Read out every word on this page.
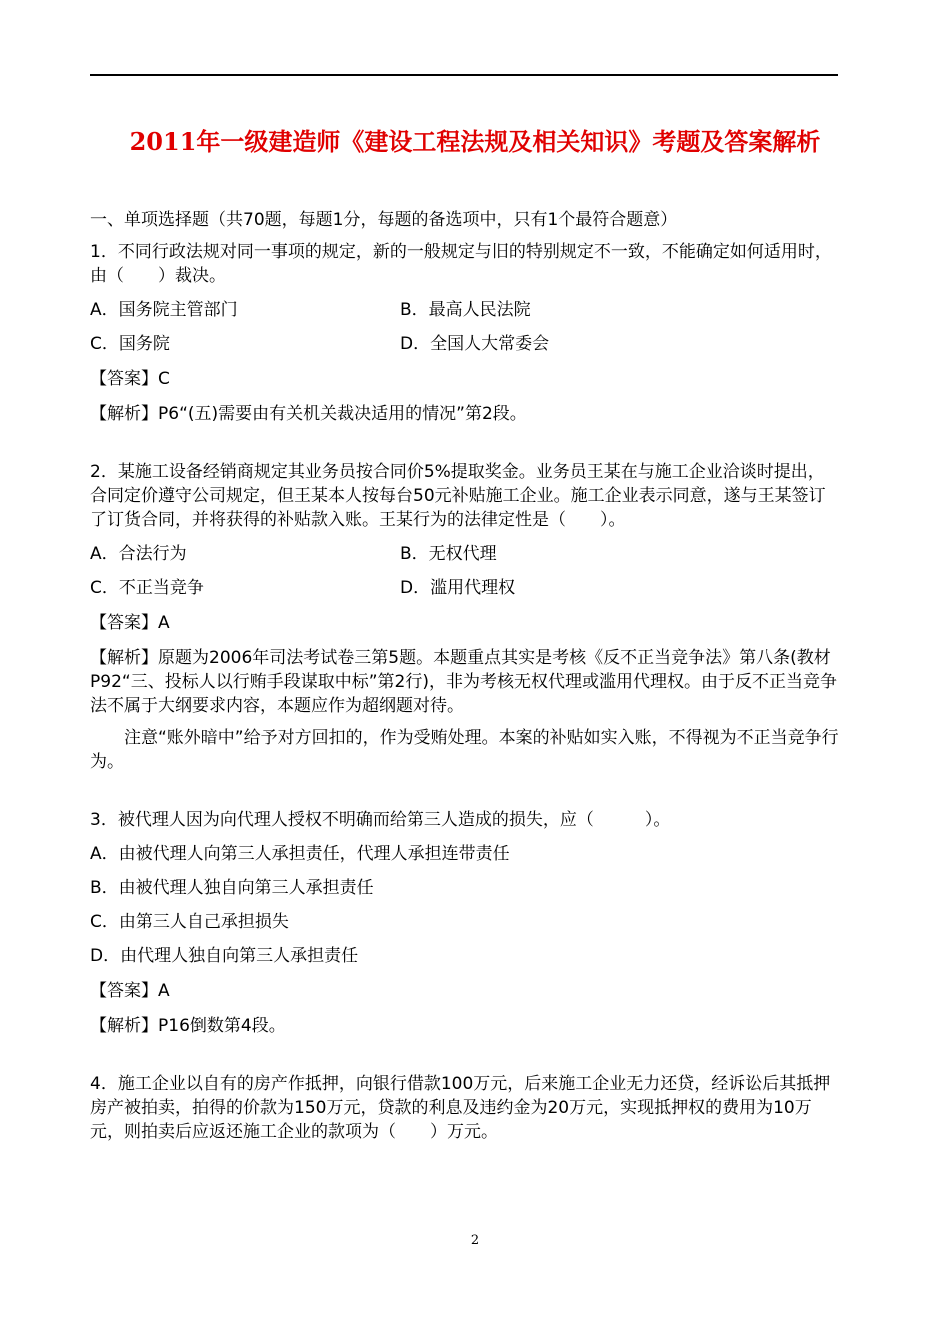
2011年一级建造师《建设工程法规及相关知识》考题及答案解析

一、单项选择题（共70题，每题1分，每题的备选项中，只有1个最符合题意）

1．不同行政法规对同一事项的规定，新的一般规定与旧的特别规定不一致，不能确定如何适用时，由（　　）裁决。

A．国务院主管部门	B．最高人民法院
C．国务院	D．全国人大常委会

【答案】C

【解析】P6“(五)需要由有关机关裁决适用的情况”第2段。

2．某施工设备经销商规定其业务员按合同价5%提取奖金。业务员王某在与施工企业洽谈时提出，合同定价遵守公司规定，但王某本人按每台50元补贴施工企业。施工企业表示同意，遂与王某签订了订货合同，并将获得的补贴款入账。王某行为的法律定性是（　　）。

A．合法行为	B．无权代理
C．不正当竞争	D．滥用代理权

【答案】A

【解析】原题为2006年司法考试卷三第5题。本题重点其实是考核《反不正当竞争法》第八条(教材P92“三、投标人以行贿手段谋取中标”第2行)，非为考核无权代理或滥用代理权。由于反不正当竞争法不属于大纲要求内容，本题应作为超纲题对待。

注意“账外暗中”给予对方回扣的，作为受贿处理。本案的补贴如实入账，不得视为不正当竞争行为。

3．被代理人因为向代理人授权不明确而给第三人造成的损失，应（　　　）。

A．由被代理人向第三人承担责任，代理人承担连带责任

B．由被代理人独自向第三人承担责任

C．由第三人自己承担损失

D．由代理人独自向第三人承担责任

【答案】A

【解析】P16倒数第4段。

4．施工企业以自有的房产作抵押，向银行借款100万元，后来施工企业无力还贷，经诉讼后其抵押房产被拍卖，拍得的价款为150万元，贷款的利息及违约金为20万元，实现抵押权的费用为10万元，则拍卖后应返还施工企业的款项为（　　）万元。

2
